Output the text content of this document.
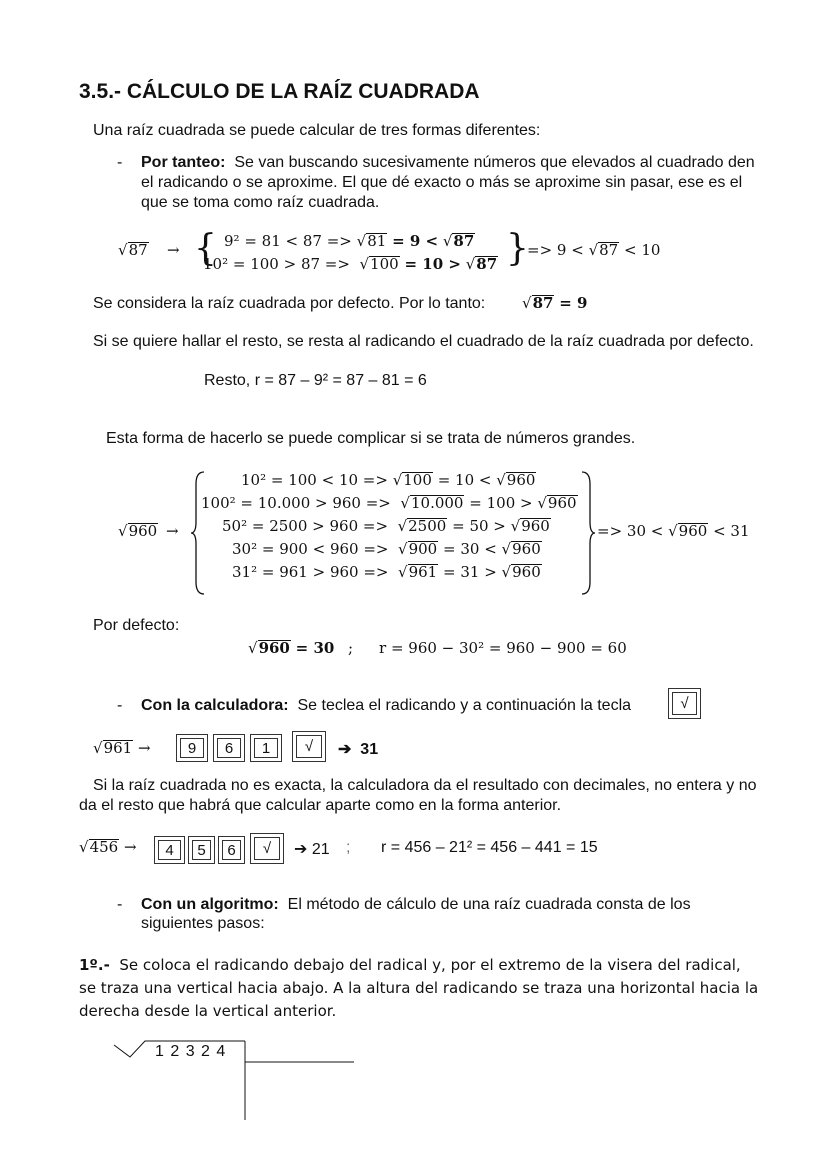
3.5.- CÁLCULO DE LA RAÍZ CUADRADA
Una raíz cuadrada se puede calcular de tres formas diferentes:
- Por tanteo: Se van buscando sucesivamente números que elevados al cuadrado den
el radicando o se aproxime. El que dé exacto o más se aproxime sin pasar, ese es el
que se toma como raíz cuadrada.
√87 → { 9² = 81 < 87 => √81 = 9 < √87
10² = 100 > 87 =>  √100 = 10 > √87 }
=> 9 < √87 < 10
Se considera la raíz cuadrada por defecto. Por lo tanto: √87 = 9
Si se quiere hallar el resto, se resta al radicando el cuadrado de la raíz cuadrada por defecto.
Resto, r = 87 – 9² = 87 – 81 = 6
Esta forma de hacerlo se puede complicar si se trata de números grandes.
√960 →
10² = 100 < 10 => √100 = 10 < √960
100² = 10.000 > 960 =>  √10.000 = 100 > √960
50² = 2500 > 960 =>  √2500 = 50 > √960
30² = 900 < 960 =>  √900 = 30 < √960
31² = 961 > 960 =>  √961 = 31 > √960
=> 30 < √960 < 31
Por defecto:
√960 = 30 ; r = 960 − 30² = 960 − 900 = 60
- Con la calculadora: Se teclea el radicando y a continuación la tecla	√
√961 →	9	6	1	√	➔ 31
Si la raíz cuadrada no es exacta, la calculadora da el resultado con decimales, no entera y no
da el resto que habrá que calcular aparte como en la forma anterior.
√456 →	4	5	6	√	➔ 21 ; r = 456 – 21² = 456 – 441 = 15
- Con un algoritmo: El método de cálculo de una raíz cuadrada consta de los
siguientes pasos:
1º.- Se coloca el radicando debajo del radical y, por el extremo de la visera del radical,
se traza una vertical hacia abajo. A la altura del radicando se traza una horizontal hacia la
derecha desde la vertical anterior.
1 2 3 2 4
